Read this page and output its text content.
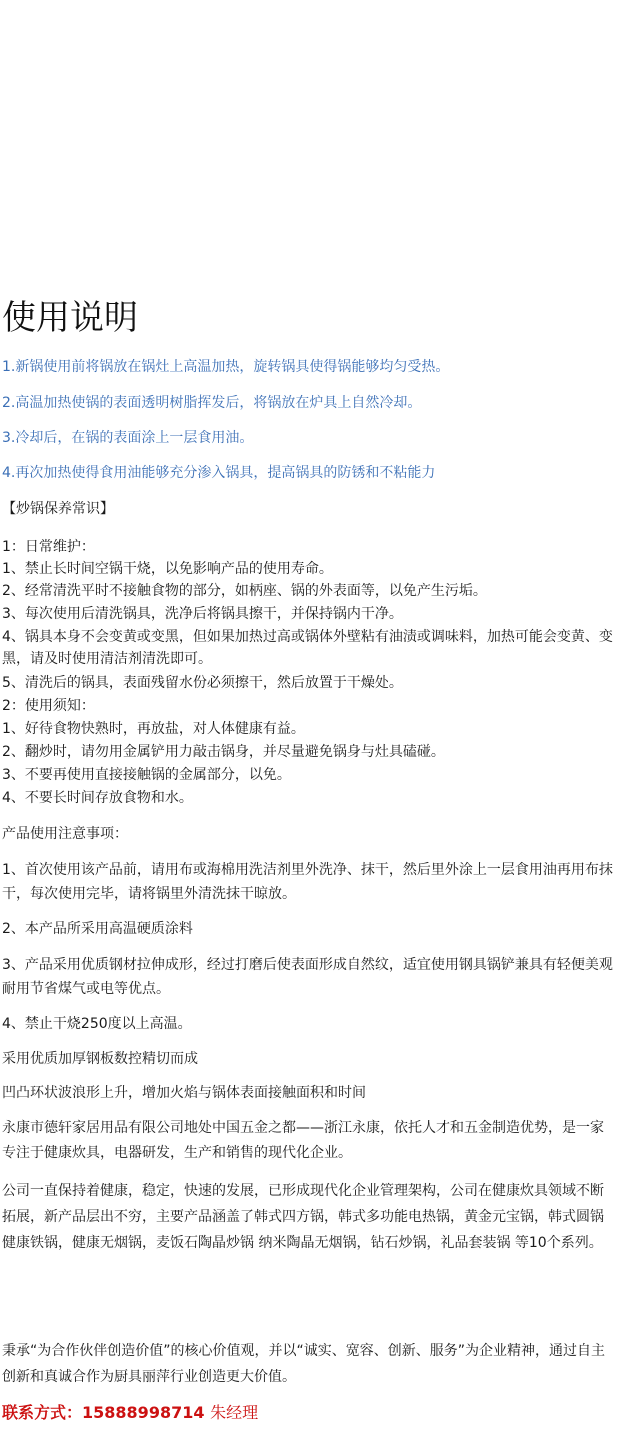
使用说明
1.新锅使用前将锅放在锅灶上高温加热，旋转锅具使得锅能够均匀受热。
2.高温加热使锅的表面透明树脂挥发后，将锅放在炉具上自然冷却。
3.冷却后，在锅的表面涂上一层食用油。
4.再次加热使得食用油能够充分渗入锅具，提高锅具的防锈和不粘能力
【炒锅保养常识】
1：日常维护：
1、禁止长时间空锅干烧，以免影响产品的使用寿命。
2、经常清洗平时不接触食物的部分，如柄座、锅的外表面等，以免产生污垢。
3、每次使用后清洗锅具，洗净后将锅具擦干，并保持锅内干净。
4、锅具本身不会变黄或变黑，但如果加热过高或锅体外壁粘有油渍或调味料，加热可能会变黄、变黑，请及时使用清洁剂清洗即可。
5、清洗后的锅具，表面残留水份必须擦干，然后放置于干燥处。
2：使用须知：
1、好待食物快熟时，再放盐，对人体健康有益。
2、翻炒时，请勿用金属铲用力敲击锅身，并尽量避免锅身与灶具磕碰。
3、不要再使用直接接触锅的金属部分，以免。
4、不要长时间存放食物和水。
产品使用注意事项：
1、首次使用该产品前，请用布或海棉用洗洁剂里外洗净、抹干，然后里外涂上一层食用油再用布抹干，每次使用完毕，请将锅里外清洗抹干晾放。
2、本产品所采用高温硬质涂料
3、产品采用优质钢材拉伸成形，经过打磨后使表面形成自然纹，适宜使用钢具锅铲兼具有轻便美观耐用节省煤气或电等优点。
4、禁止干烧250度以上高温。
采用优质加厚钢板数控精切而成
凹凸环状波浪形上升，增加火焰与锅体表面接触面积和时间
永康市德轩家居用品有限公司地处中国五金之都——浙江永康，依托人才和五金制造优势，是一家专注于健康炊具，电器研发，生产和销售的现代化企业。
公司一直保持着健康，稳定，快速的发展，已形成现代化企业管理架构，公司在健康炊具领域不断拓展，新产品层出不穷，主要产品涵盖了韩式四方锅，韩式多功能电热锅，黄金元宝锅，韩式圆锅 健康铁锅，健康无烟锅，麦饭石陶晶炒锅 纳米陶晶无烟锅，钻石炒锅，礼品套装锅 等10个系列。
秉承“为合作伙伴创造价值”的核心价值观，并以“诚实、宽容、创新、服务”为企业精神，通过自主创新和真诚合作为厨具丽萍行业创造更大价值。
联系方式：15888998714 朱经理
